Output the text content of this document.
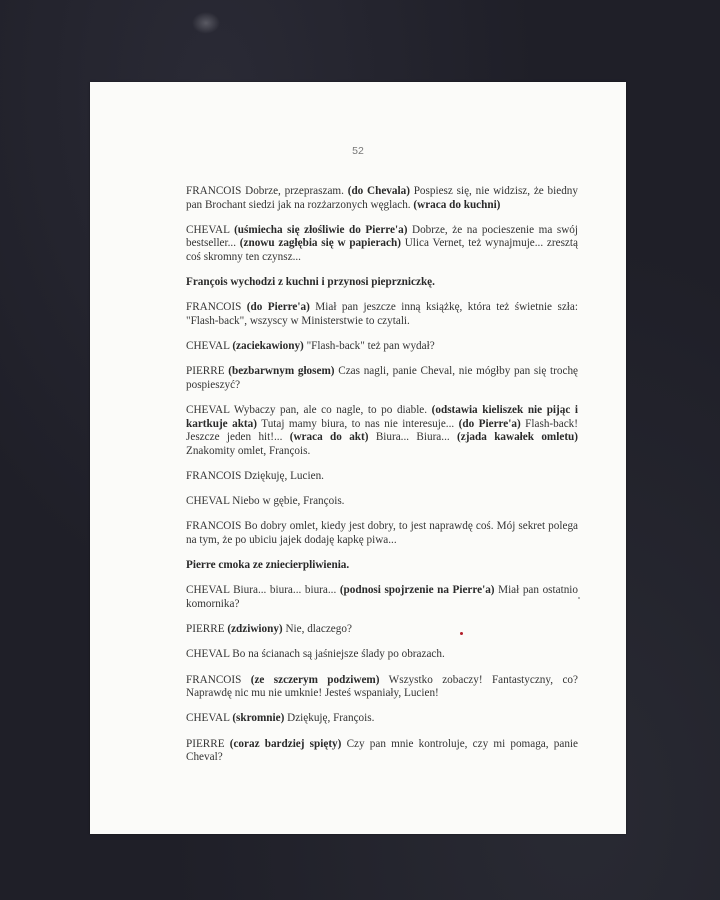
52

FRANCOIS Dobrze, przepraszam. (do Chevala) Pospiesz się, nie widzisz, że biedny pan Brochant siedzi jak na rozżarzonych węglach. (wraca do kuchni)

CHEVAL (uśmiecha się złośliwie do Pierre'a) Dobrze, że na pocieszenie ma swój bestseller... (znowu zagłębia się w papierach) Ulica Vernet, też wynajmuje... zresztą coś skromny ten czynsz...

François wychodzi z kuchni i przynosi pieprzniczkę.

FRANCOIS (do Pierre'a) Miał pan jeszcze inną książkę, która też świetnie szła: "Flash-back", wszyscy w Ministerstwie to czytali.

CHEVAL (zaciekawiony) "Flash-back" też pan wydał?

PIERRE (bezbarwnym głosem) Czas nagli, panie Cheval, nie mógłby pan się trochę pospieszyć?

CHEVAL Wybaczy pan, ale co nagle, to po diable. (odstawia kieliszek nie pijąc i kartkuje akta) Tutaj mamy biura, to nas nie interesuje... (do Pierre'a) Flash-back! Jeszcze jeden hit!... (wraca do akt) Biura... Biura... (zjada kawałek omletu) Znakomity omlet, François.

FRANCOIS Dziękuję, Lucien.

CHEVAL Niebo w gębie, François.

FRANCOIS Bo dobry omlet, kiedy jest dobry, to jest naprawdę coś. Mój sekret polega na tym, że po ubiciu jajek dodaję kapkę piwa...

Pierre cmoka ze zniecierpliwienia.

CHEVAL Biura... biura... biura... (podnosi spojrzenie na Pierre'a) Miał pan ostatnio komornika?

PIERRE (zdziwiony) Nie, dlaczego?

CHEVAL Bo na ścianach są jaśniejsze ślady po obrazach.

FRANCOIS (ze szczerym podziwem) Wszystko zobaczy! Fantastyczny, co? Naprawdę nic mu nie umknie! Jesteś wspaniały, Lucien!

CHEVAL (skromnie) Dziękuję, François.

PIERRE (coraz bardziej spięty) Czy pan mnie kontroluje, czy mi pomaga, panie Cheval?
